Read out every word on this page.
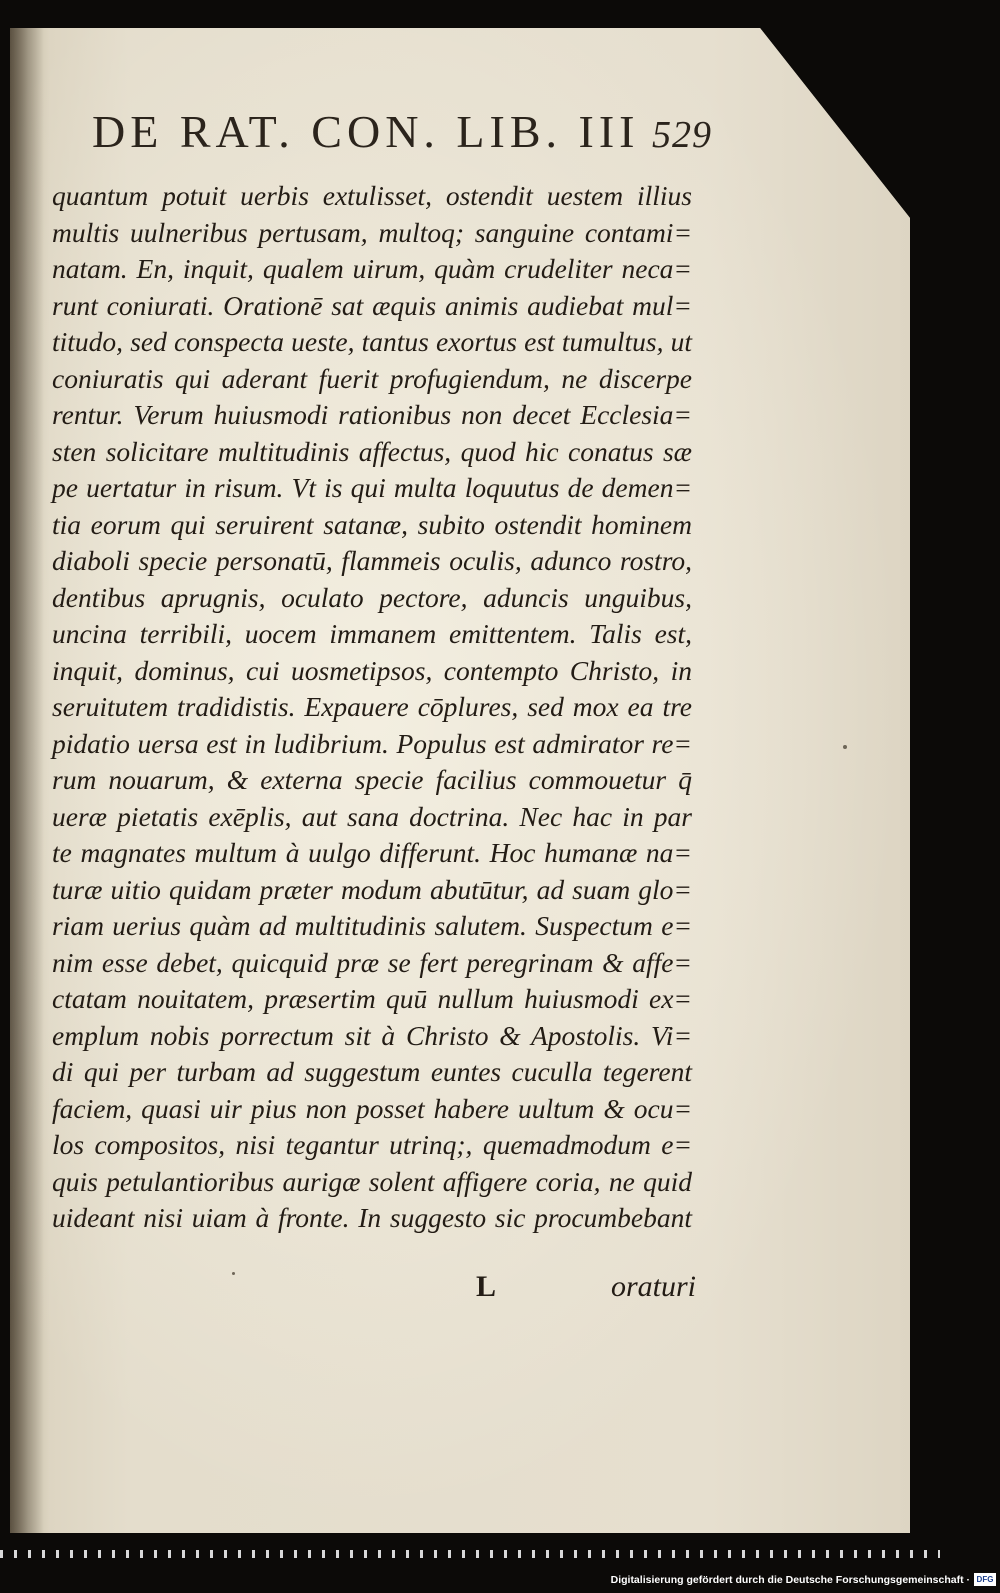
DE RAT. CON. LIB. III 529
quantum potuit uerbis extulisset, ostendit uestem illius
multis uulneribus pertusam, multoq; sanguine contami=
natam. En, inquit, qualem uirum, quàm crudeliter neca=
runt coniurati. Orationē sat æquis animis audiebat mul=
titudo, sed conspecta ueste, tantus exortus est tumultus, ut
coniuratis qui aderant fuerit profugiendum, ne discerpe
rentur. Verum huiusmodi rationibus non decet Ecclesia=
sten solicitare multitudinis affectus, quod hic conatus sæ
pe uertatur in risum. Vt is qui multa loquutus de demen=
tia eorum qui seruirent satanæ, subito ostendit hominem
diaboli specie personatū, flammeis oculis, adunco rostro,
dentibus aprugnis, oculato pectore, aduncis unguibus,
uncina terribili, uocem immanem emittentem. Talis est,
inquit, dominus, cui uosmetipsos, contempto Christo, in
seruitutem tradidistis. Expauere cōplures, sed mox ea tre
pidatio uersa est in ludibrium. Populus est admirator re=
rum nouarum, & externa specie facilius commouetur q̄
ueræ pietatis exēplis, aut sana doctrina. Nec hac in par
te magnates multum à uulgo differunt. Hoc humanæ na=
turæ uitio quidam præter modum abutūtur, ad suam glo=
riam uerius quàm ad multitudinis salutem. Suspectum e=
nim esse debet, quicquid præ se fert peregrinam & affe=
ctatam nouitatem, præsertim quū nullum huiusmodi ex=
emplum nobis porrectum sit à Christo & Apostolis. Vi=
di qui per turbam ad suggestum euntes cuculla tegerent
faciem, quasi uir pius non posset habere uultum & ocu=
los compositos, nisi tegantur utrinq;, quemadmodum e=
quis petulantioribus aurigæ solent affigere coria, ne quid
uideant nisi uiam à fronte. In suggesto sic procumbebant
L	oraturi
Digitalisierung gefördert durch die Deutsche Forschungsgemeinschaft · DFG
